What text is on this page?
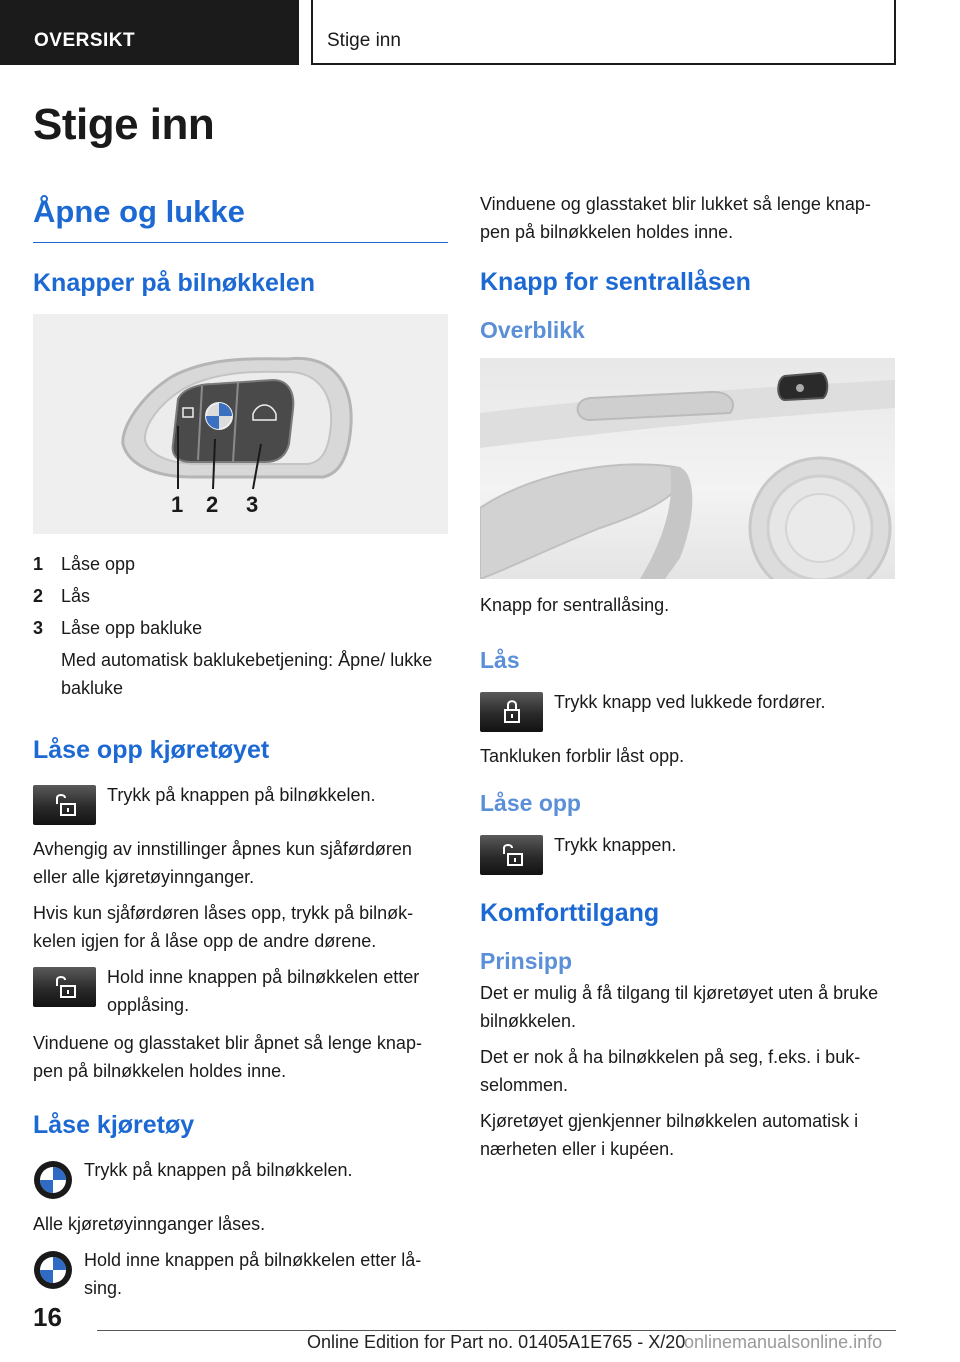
OVERSIKT	Stige inn
Stige inn
Åpne og lukke
Knapper på bilnøkkelen
1 2 3
1 Låse opp
2 Lås
3 Låse opp bakluke
Med automatisk baklukebetjening: Åpne/ lukke bakluke
Låse opp kjøretøyet
Trykk på knappen på bilnøkkelen.

Avhengig av innstillinger åpnes kun sjåførdøren eller alle kjøretøyinnganger.

Hvis kun sjåførdøren låses opp, trykk på bilnøk- kelen igjen for å låse opp de andre dørene.

Hold inne knappen på bilnøkkelen etter opplåsing.

Vinduene og glasstaket blir åpnet så lenge knap- pen på bilnøkkelen holdes inne.

Låse kjøretøy
Trykk på knappen på bilnøkkelen.

Alle kjøretøyinnganger låses.

Hold inne knappen på bilnøkkelen etter lå- sing.

Vinduene og glasstaket blir lukket så lenge knap- pen på bilnøkkelen holdes inne.

Knapp for sentrallåsen
Overblikk

Knapp for sentrallåsing.

Lås
Trykk knapp ved lukkede fordører.

Tankluken forblir låst opp.

Låse opp
Trykk knappen.
Komforttilgang
Prinsipp

Det er mulig å få tilgang til kjøretøyet uten å bruke bilnøkkelen.

Det er nok å ha bilnøkkelen på seg, f.eks. i buk- selommen.

Kjøretøyet gjenkjenner bilnøkkelen automatisk i nærheten eller i kupéen.

16
Online Edition for Part no. 01405A1E765 - X/20
onlinemanualsonline.info
